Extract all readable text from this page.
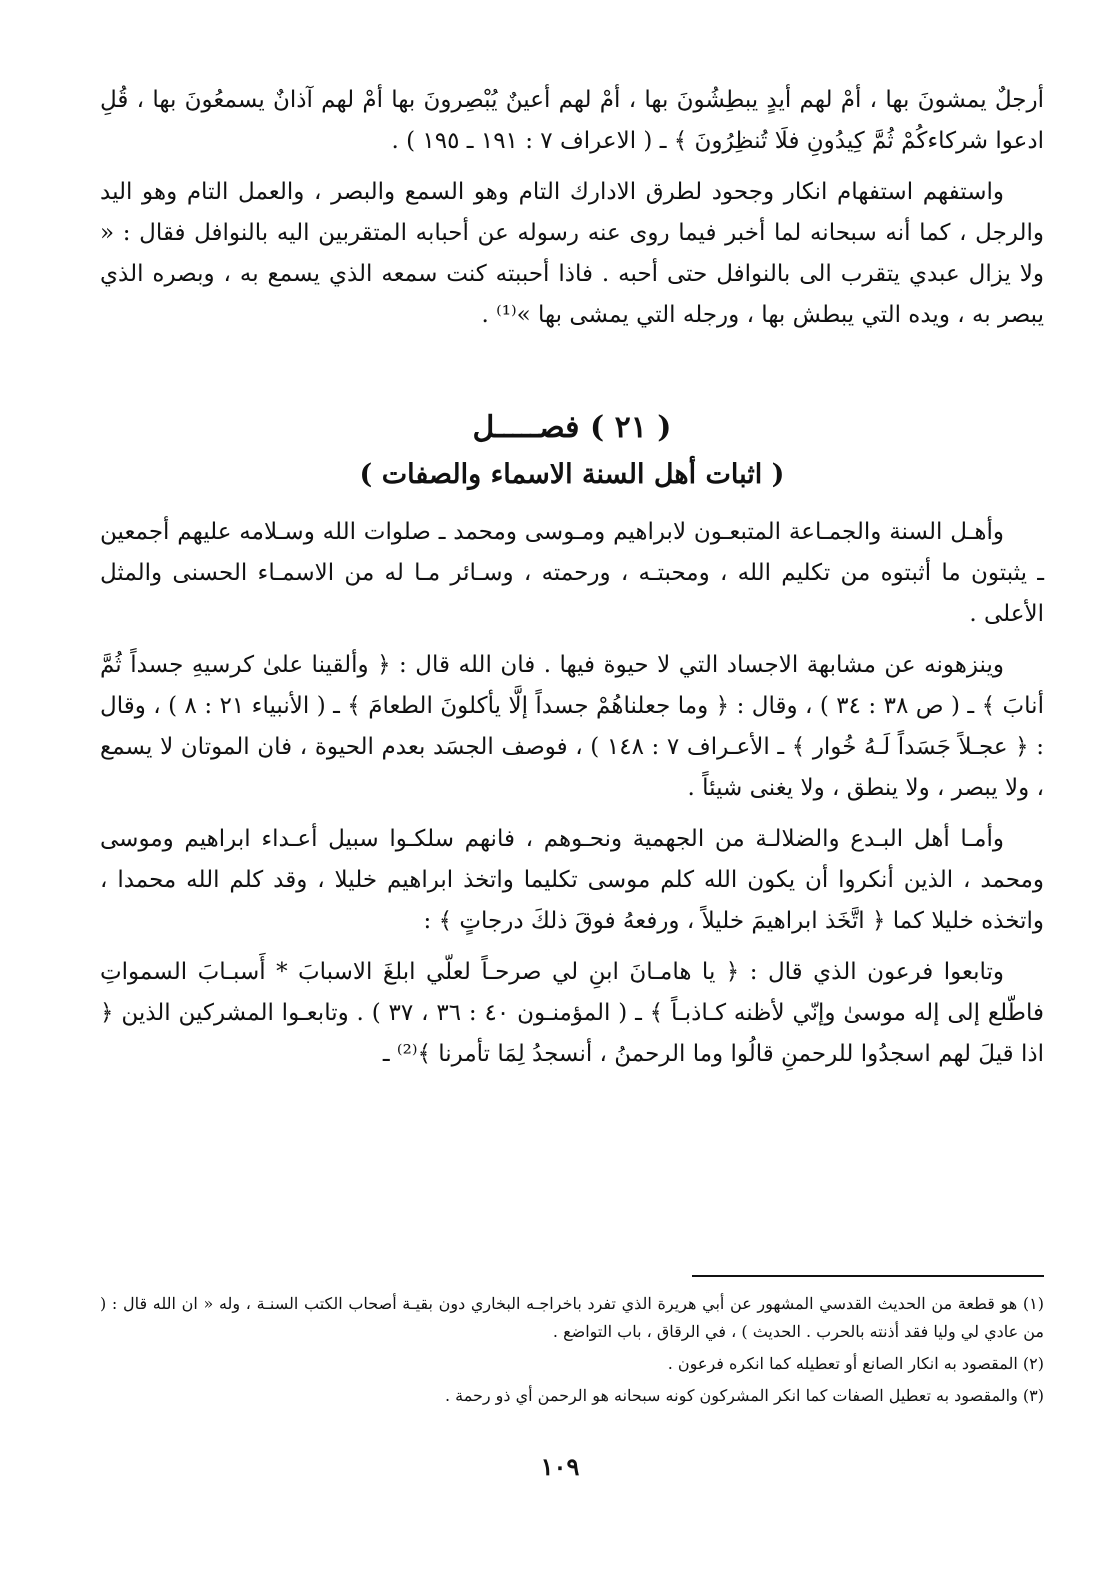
أرجلٌ يمشونَ بها ، أمْ لهم أيدٍ يبطِشُونَ بها ، أمْ لهم أعينٌ يُبْصِرونَ بها أمْ لهم آذانٌ يسمعُونَ بها ، قُلِ ادعوا شركاءكُمْ ثُمَّ كِيدُونِ فلَا تُنظِرُونَ ﴾ ـ ( الاعراف ٧ : ١٩١ ـ ١٩٥ ) .

واستفهم استفهام انكار وجحود لطرق الادارك التام وهو السمع والبصر ، والعمل التام وهو اليد والرجل ، كما أنه سبحانه لما أخبر فيما روى عنه رسوله عن أحبابه المتقربين اليه بالنوافل فقال : « ولا يزال عبدي يتقرب الى بالنوافل حتى أحبه . فاذا أحببته كنت سمعه الذي يسمع به ، وبصره الذي يبصر به ، ويده التي يبطش بها ، ورجله التي يمشى بها »⁽¹⁾ .

( ٢١ ) فصـــــل

( اثبات أهل السنة الاسماء والصفات )

وأهـل السنة والجمـاعة المتبعـون لابراهيم ومـوسى ومحمد ـ صلوات الله وسـلامه عليهم أجمعين ـ يثبتون ما أثبتوه من تكليم الله ، ومحبتـه ، ورحمته ، وسـائر مـا له من الاسمـاء الحسنى والمثل الأعلى .

وينزهونه عن مشابهة الاجساد التي لا حيوة فيها . فان الله قال : ﴿ وألقينا علىٰ كرسيهِ جسداً ثُمَّ أنابَ ﴾ ـ ( ص ٣٨ : ٣٤ ) ، وقال : ﴿ وما جعلناهُمْ جسداً إلَّا يأكلونَ الطعامَ ﴾ ـ ( الأنبياء ٢١ : ٨ ) ، وقال : ﴿ عجـلاً جَسَداً لَـهُ خُوار ﴾ ـ الأعـراف ٧ : ١٤٨ ) ، فوصف الجسَد بعدم الحيوة ، فان الموتان لا يسمع ، ولا يبصر ، ولا ينطق ، ولا يغنى شيئاً .

وأمـا أهل البـدع والضلالـة من الجهمية ونحـوهم ، فانهم سلكـوا سبيل أعـداء ابراهيم وموسى ومحمد ، الذين أنكروا أن يكون الله كلم موسى تكليما واتخذ ابراهيم خليلا ، وقد كلم الله محمدا ، واتخذه خليلا كما ﴿ اتَّخَذ ابراهيمَ خليلاً ، ورفعهُ فوقَ ذلكَ درجاتٍ ﴾ :

وتابعوا فرعون الذي قال : ﴿ يا هامـانَ ابنِ لي صرحـاً لعلّي ابلغَ الاسبابَ * أَسبـابَ السمواتِ فاطّلع إلى إله موسىٰ وإنّي لأظنه كـاذبـاً ﴾ ـ ( المؤمنـون ٤٠ : ٣٦ ، ٣٧ ) . وتابعـوا المشركين الذين ﴿ اذا قيلَ لهم اسجدُوا للرحمنِ قالُوا وما الرحمنُ ، أنسجدُ لِمَا تأمرنا ﴾⁽²⁾ ـ

(١) هو قطعة من الحديث القدسي المشهور عن أبي هريرة الذي تفرد باخراجـه البخاري دون بقيـة أصحاب الكتب السنـة ، وله « ان الله قال : ( من عادي لي وليا فقد أذنته بالحرب . الحديث ) ، في الرقاق ، باب التواضع .

(٢) المقصود به انكار الصانع أو تعطيله كما انكره فرعون .

(٣) والمقصود به تعطيل الصفات كما انكر المشركون كونه سبحانه هو الرحمن أي ذو رحمة .

١٠٩
